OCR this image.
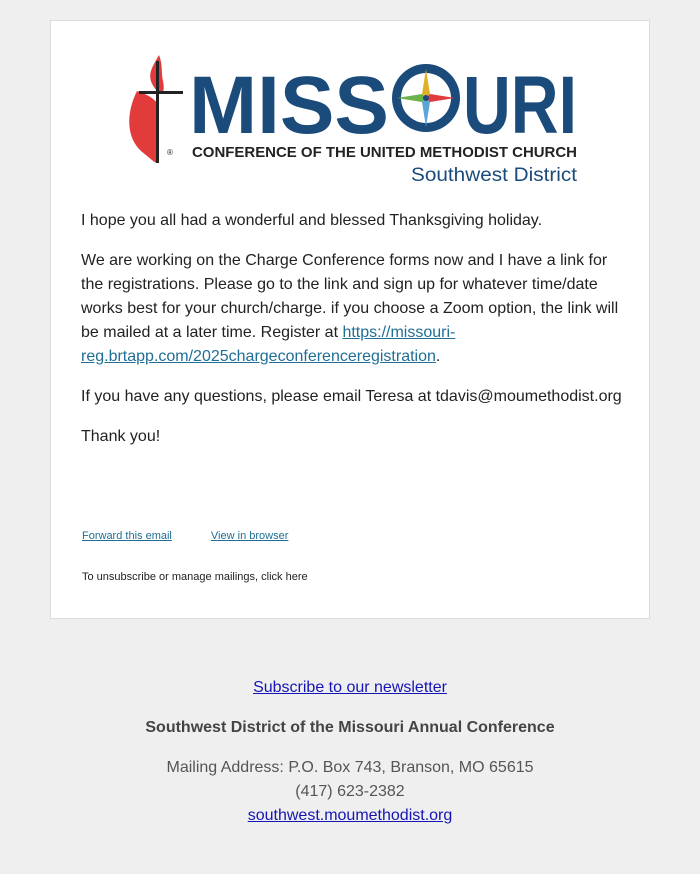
®
MISS URI
CONFERENCE OF THE UNITED METHODIST CHURCH
Southwest District

I hope you all had a wonderful and blessed Thanksgiving holiday.

We are working on the Charge Conference forms now and I have a link for the registrations. Please go to the link and sign up for whatever time/date works best for your church/charge. if you choose a Zoom option, the link will be mailed at a later time. Register at https://missouri-reg.brtapp.com/2025chargeconferenceregistration.

If you have any questions, please email Teresa at tdavis@moumethodist.org

Thank you!

Forward this email	View in browser
To unsubscribe or manage mailings, click here
Subscribe to our newsletter
Southwest District of the Missouri Annual Conference
Mailing Address: P.O. Box 743, Branson, MO 65615
(417) 623-2382
southwest.moumethodist.org
